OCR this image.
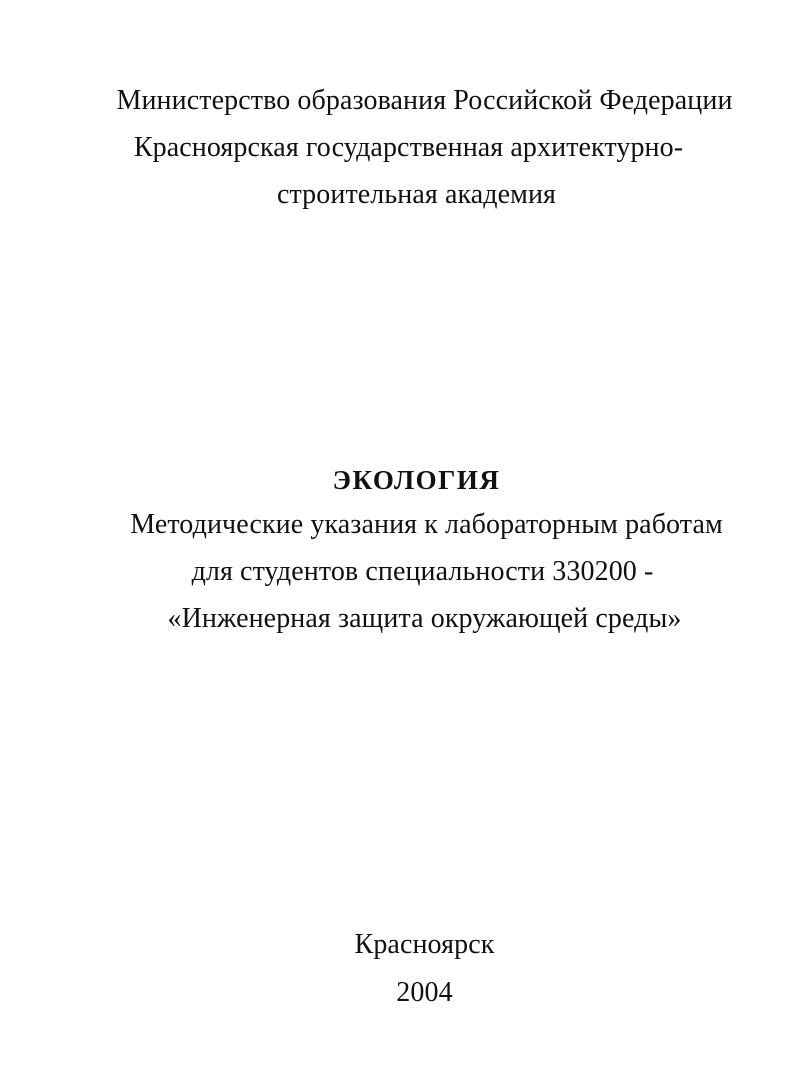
Министерство образования Российской Федерации
Красноярская государственная архитектурно-
строительная академия
ЭКОЛОГИЯ
Методические указания к лабораторным работам
для студентов специальности 330200 -
«Инженерная защита окружающей среды»
Красноярск
2004
